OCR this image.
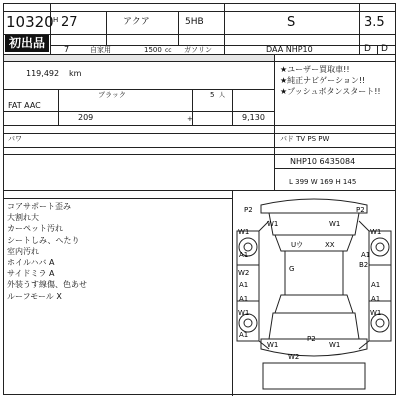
10320
初出品
H 27	アクア	5HB	S	3.5
7	自家用	1500 cc ガソリン	DAA NHP10	D D
119,492 km
ブラック	5 人
FAT AAC
209	+	9,130
パワ
★ユーザー買取車!!
★純正ナビゲーション!!
★プッシュボタンスタート!!
パド TV PS PW
NHP10 6435084
L 399 W 169 H 145
コアサポート歪み
大割れ大
カーペット汚れ
シートしみ、へたり
室内汚れ
ホイルハバ A
サイドミラ A
外装うす線傷、色あせ
ルーフモール X
P2	P2
W1	W1
W1	W1
Uウ	XX
A1	A1
B2
G
W2
A1	A1
A1	A1
W1	W1
A1
W1	W1
W2
P2
